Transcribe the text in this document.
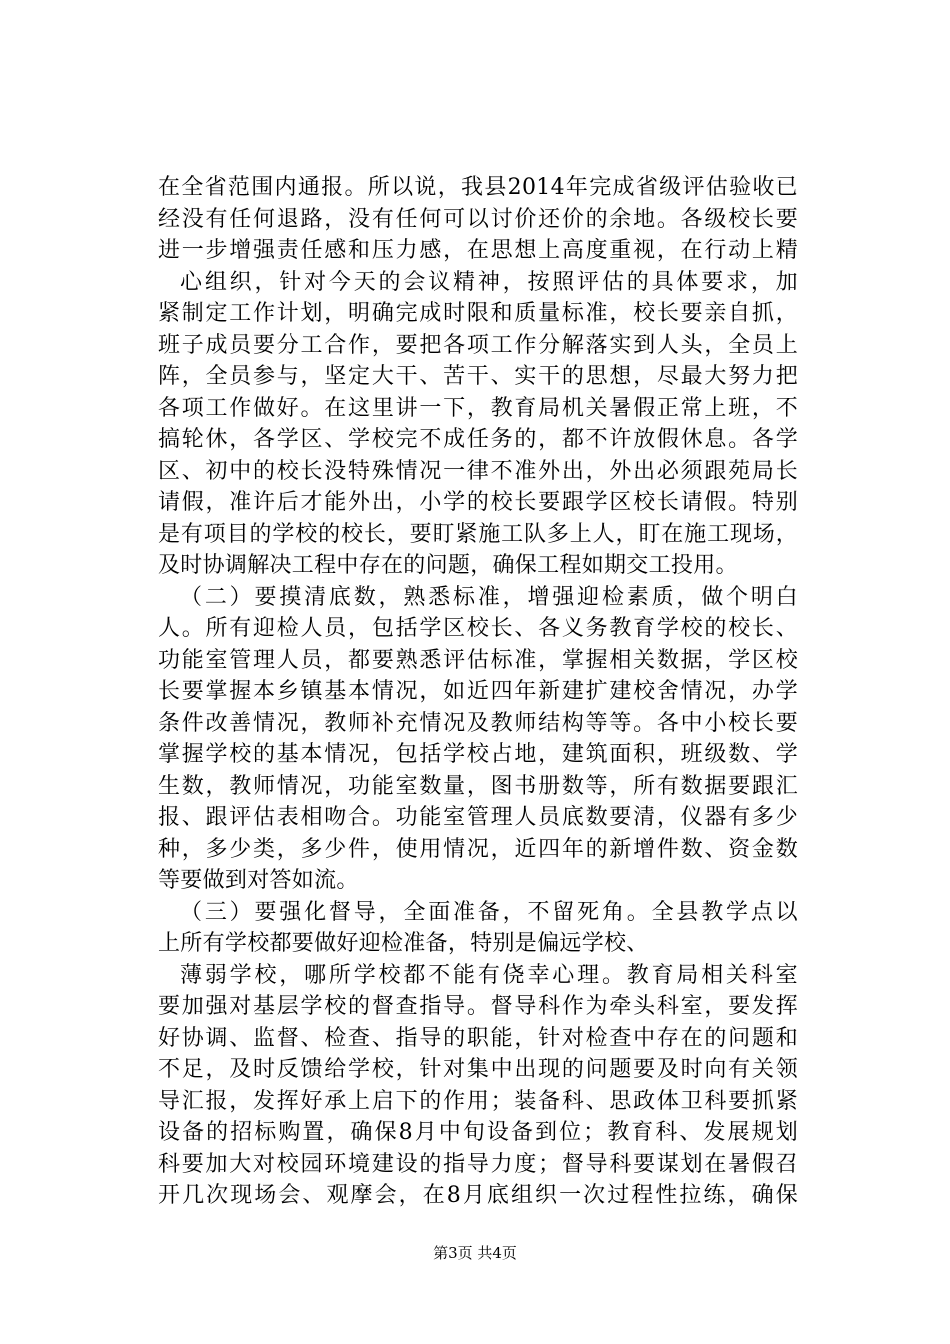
在全省范围内通报。所以说，我县2014年完成省级评估验收已
经没有任何退路，没有任何可以讨价还价的余地。各级校长要
进一步增强责任感和压力感，在思想上高度重视，在行动上精
心组织，针对今天的会议精神，按照评估的具体要求，加
紧制定工作计划，明确完成时限和质量标准，校长要亲自抓，
班子成员要分工合作，要把各项工作分解落实到人头，全员上
阵，全员参与，坚定大干、苦干、实干的思想，尽最大努力把
各项工作做好。在这里讲一下，教育局机关暑假正常上班，不
搞轮休，各学区、学校完不成任务的，都不许放假休息。各学
区、初中的校长没特殊情况一律不准外出，外出必须跟苑局长
请假，准许后才能外出，小学的校长要跟学区校长请假。特别
是有项目的学校的校长，要盯紧施工队多上人，盯在施工现场，
及时协调解决工程中存在的问题，确保工程如期交工投用。
（二）要摸清底数，熟悉标准，增强迎检素质，做个明白
人。所有迎检人员，包括学区校长、各义务教育学校的校长、
功能室管理人员，都要熟悉评估标准，掌握相关数据，学区校
长要掌握本乡镇基本情况，如近四年新建扩建校舍情况，办学
条件改善情况，教师补充情况及教师结构等等。各中小校长要
掌握学校的基本情况，包括学校占地，建筑面积，班级数、学
生数，教师情况，功能室数量，图书册数等，所有数据要跟汇
报、跟评估表相吻合。功能室管理人员底数要清，仪器有多少
种，多少类，多少件，使用情况，近四年的新增件数、资金数
等要做到对答如流。
（三）要强化督导，全面准备，不留死角。全县教学点以
上所有学校都要做好迎检准备，特别是偏远学校、
薄弱学校，哪所学校都不能有侥幸心理。教育局相关科室
要加强对基层学校的督查指导。督导科作为牵头科室，要发挥
好协调、监督、检查、指导的职能，针对检查中存在的问题和
不足，及时反馈给学校，针对集中出现的问题要及时向有关领
导汇报，发挥好承上启下的作用；装备科、思政体卫科要抓紧
设备的招标购置，确保8月中旬设备到位；教育科、发展规划
科要加大对校园环境建设的指导力度；督导科要谋划在暑假召
开几次现场会、观摩会，在8月底组织一次过程性拉练，确保
第3页 共4页
